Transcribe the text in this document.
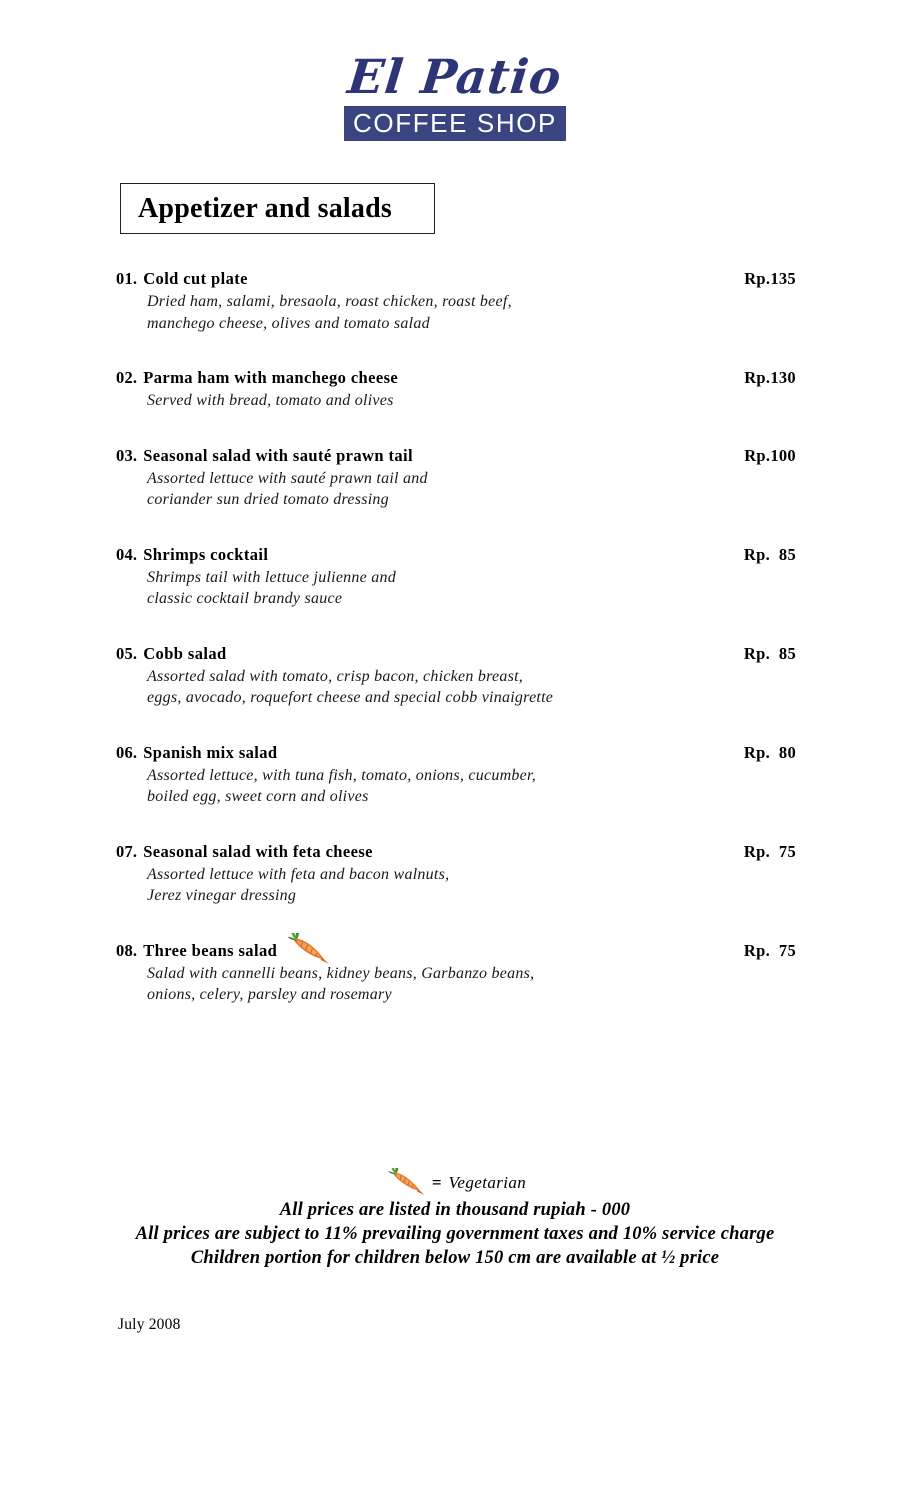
El Patio
COFFEE SHOP
Appetizer and salads
01. Cold cut plate	Rp.135
Dried ham, salami, bresaola, roast chicken, roast beef,
manchego cheese, olives and tomato salad
02. Parma ham with manchego cheese	Rp.130
Served with bread, tomato and olives
03. Seasonal salad with sauté prawn tail	Rp.100
Assorted lettuce with sauté prawn tail and
coriander sun dried tomato dressing
04. Shrimps cocktail	Rp.  85
Shrimps tail with lettuce julienne and
classic cocktail brandy sauce
05. Cobb salad	Rp.  85
Assorted salad with tomato, crisp bacon, chicken breast,
eggs, avocado, roquefort cheese and special cobb vinaigrette
06. Spanish mix salad	Rp.  80
Assorted lettuce, with tuna fish, tomato, onions, cucumber,
boiled egg, sweet corn and olives
07. Seasonal salad with feta cheese	Rp.  75
Assorted lettuce with feta and bacon walnuts,
Jerez vinegar dressing
08. Three beans salad	Rp.  75
Salad with cannelli beans, kidney beans, Garbanzo beans,
onions, celery, parsley and rosemary
= Vegetarian
All prices are listed in thousand rupiah - 000
All prices are subject to 11% prevailing government taxes and 10% service charge
Children portion for children below 150 cm are available at ½ price
July 2008
